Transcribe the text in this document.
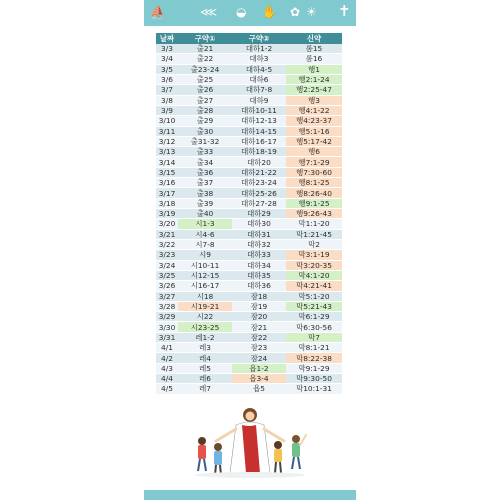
⛵	⋘ ◒ ✋ ✿ ☀ ✝
날짜	구약①	구약②	신약
3/3	출21	대하1-2	롬15
3/4	출22	대하3	롬16
3/5	출23-24	대하4-5	행1
3/6	출25	대하6	행2:1-24
3/7	출26	대하7-8	행2:25-47
3/8	출27	대하9	행3
3/9	출28	대하10-11	행4:1-22
3/10	출29	대하12-13	행4:23-37
3/11	출30	대하14-15	행5:1-16
3/12	출31-32	대하16-17	행5:17-42
3/13	출33	대하18-19	행6
3/14	출34	대하20	행7:1-29
3/15	출36	대하21-22	행7:30-60
3/16	출37	대하23-24	행8:1-25
3/17	출38	대하25-26	행8:26-40
3/18	출39	대하27-28	행9:1-25
3/19	출40	대하29	행9:26-43
3/20	시1-3	대하30	막1:1-20
3/21	시4-6	대하31	막1:21-45
3/22	시7-8	대하32	막2
3/23	시9	대하33	막3:1-19
3/24	시10-11	대하34	막3:20-35
3/25	시12-15	대하35	막4:1-20
3/26	시16-17	대하36	막4:21-41
3/27	시18	잠18	막5:1-20
3/28	시19-21	잠19	막5:21-43
3/29	시22	잠20	막6:1-29
3/30	시23-25	잠21	막6:30-56
3/31	레1-2	잠22	막7
4/1	레3	잠23	막8:1-21
4/2	레4	잠24	막8:22-38
4/3	레5	욥1-2	막9:1-29
4/4	레6	욥3-4	막9:30-50
4/5	레7	욥5	막10:1-31
